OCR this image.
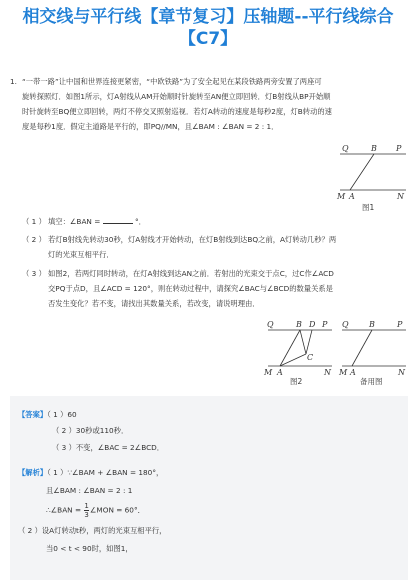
相交线与平行线【章节复习】压轴题--平行线综合
【C7】
1. “一带一路”让中国和世界连接更紧密，“中欧铁路”为了安全起见在某段铁路两旁安置了两座可
旋转探照灯．如图1所示，灯A射线从AM开始顺时针旋转至AN便立即回转．灯B射线从BP开始顺
时针旋转至BQ便立即回转，两灯不停交叉照射巡视．若灯A转动的速度是每秒2度，灯B转动的速
度是每秒1度．假定主道路是平行的，即PQ//MN，且∠BAM : ∠BAN = 2 : 1．
Q	B P
M A	N
图1
（ 1 ） 填空：∠BAN =	°．
（ 2 ） 若灯B射线先转动30秒，灯A射线才开始转动，在灯B射线到达BQ之前，A灯转动几秒？两
灯的光束互相平行．
（ 3 ） 如图2，若两灯同时转动，在灯A射线到达AN之前．若射出的光束交于点C，过C作∠ACD
交PQ于点D，且∠ACD = 120°，则在转动过程中，请探究∠BAC与∠BCD的数量关系是
否发生变化？若不变，请找出其数量关系，若改变，请说明理由．
Q	B D P
C
M A	N
图2
Q	B	P
M A	N
备用图
【答案】（ 1 ）60
（ 2 ）30秒或110秒．
（ 3 ）不变，∠BAC = 2∠BCD．
【解析】（ 1 ）∵∠BAM + ∠BAN = 180°，
且∠BAM : ∠BAN = 2 : 1
∴∠BAN = $\frac{1}{3}$ ∠MON = 60°．
（ 2 ）设A灯转动t秒，两灯的光束互相平行，
当0 < t < 90时，如图1，
